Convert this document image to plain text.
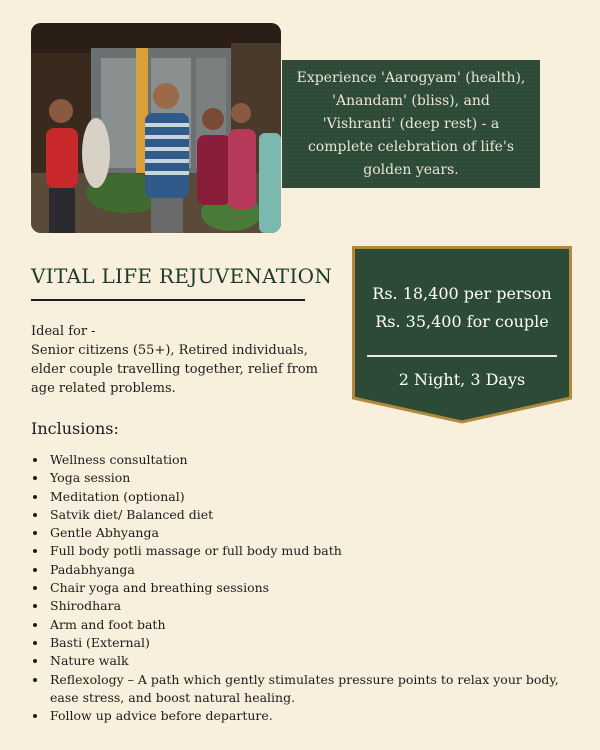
Experience 'Aarogyam' (health), 'Anandam' (bliss), and 'Vishranti' (deep rest) - a complete celebration of life's golden years.
VITAL LIFE REJUVENATION
Ideal for -
Senior citizens (55+), Retired individuals, elder couple travelling together, relief from age related problems.
Rs. 18,400 per person
Rs. 35,400 for couple
2 Night, 3 Days
Inclusions:
• Wellness consultation
• Yoga session
• Meditation (optional)
• Satvik diet/ Balanced diet
• Gentle Abhyanga
• Full body potli massage or full body mud bath
• Padabhyanga
• Chair yoga and breathing sessions
• Shirodhara
• Arm and foot bath
• Basti (External)
• Nature walk
• Reflexology – A path which gently stimulates pressure points to relax your body, ease stress, and boost natural healing.
• Follow up advice before departure.
